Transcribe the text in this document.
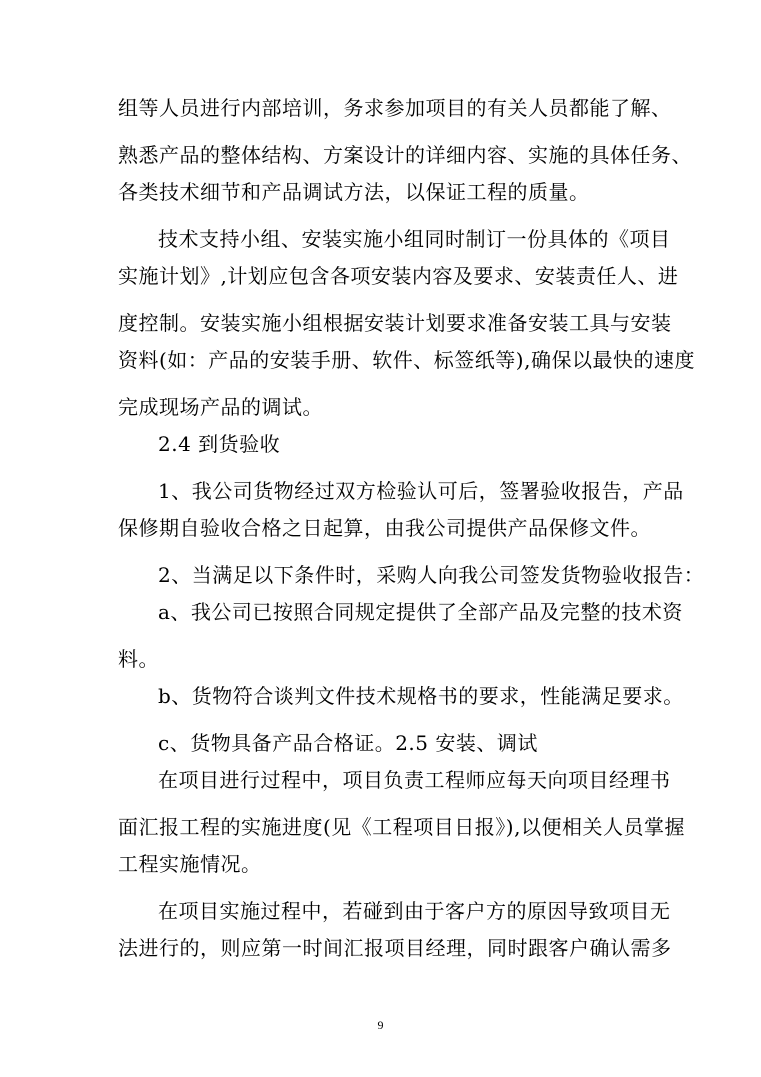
组等人员进行内部培训，务求参加项目的有关人员都能了解、
熟悉产品的整体结构、方案设计的详细内容、实施的具体任务、
各类技术细节和产品调试方法，以保证工程的质量。
技术支持小组、安装实施小组同时制订一份具体的《项目
实施计划》,计划应包含各项安装内容及要求、安装责任人、进
度控制。安装实施小组根据安装计划要求准备安装工具与安装
资料(如：产品的安装手册、软件、标签纸等),确保以最快的速度
完成现场产品的调试。
2.4 到货验收
1、我公司货物经过双方检验认可后，签署验收报告，产品
保修期自验收合格之日起算，由我公司提供产品保修文件。
2、当满足以下条件时，采购人向我公司签发货物验收报告：
a、我公司已按照合同规定提供了全部产品及完整的技术资
料。
b、货物符合谈判文件技术规格书的要求，性能满足要求。
c、货物具备产品合格证。2.5 安装、调试
在项目进行过程中，项目负责工程师应每天向项目经理书
面汇报工程的实施进度(见《工程项目日报》),以便相关人员掌握
工程实施情况。
在项目实施过程中，若碰到由于客户方的原因导致项目无
法进行的，则应第一时间汇报项目经理，同时跟客户确认需多
9
